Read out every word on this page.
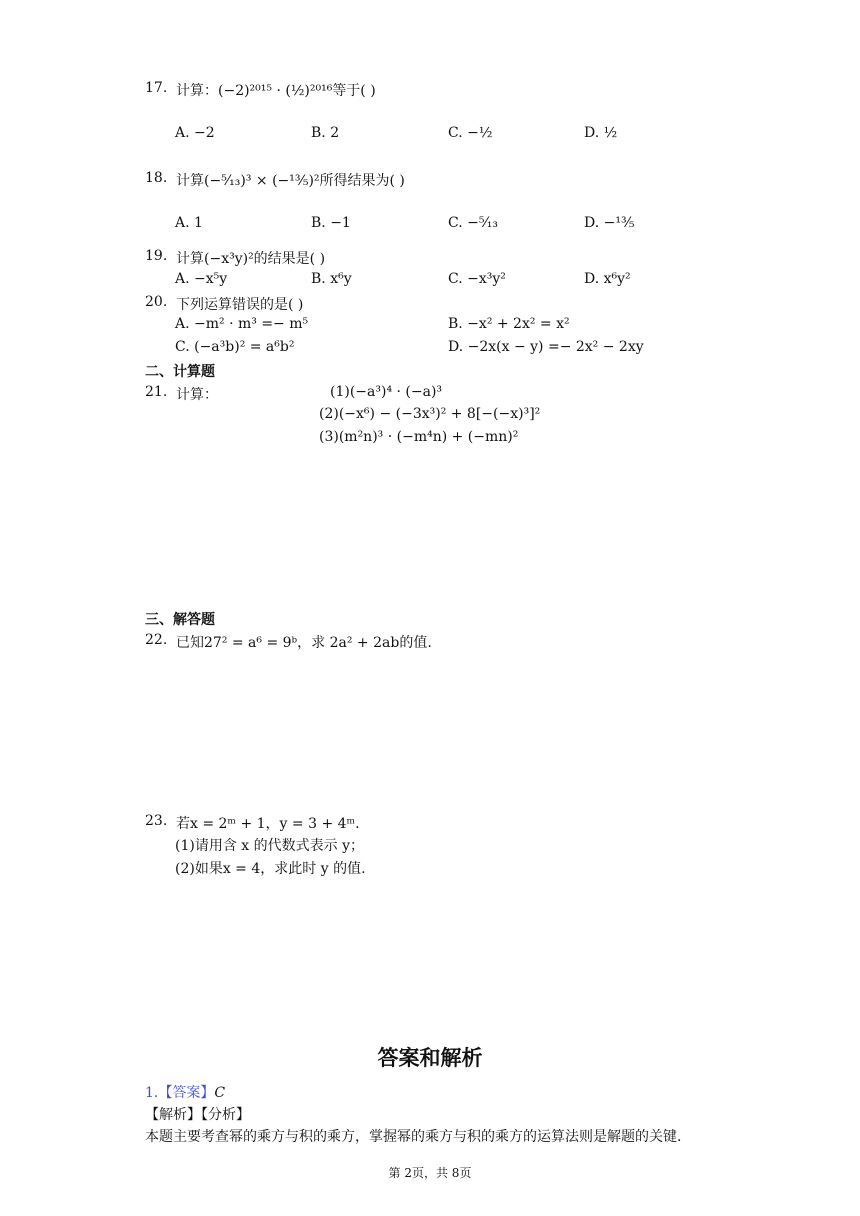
17. 计算：(−2)²⁰¹⁵ · (½)²⁰¹⁶等于( )
A. −2	B. 2	C. −½	D. ½
18. 计算(−⁵⁄₁₃)³ × (−¹³⁄₅)²所得结果为( )
A. 1	B. −1	C. −⁵⁄₁₃	D. −¹³⁄₅
19. 计算(−x³y)²的结果是( )
A. −x⁵y	B. x⁶y	C. −x³y²	D. x⁶y²
20. 下列运算错误的是( )
A. −m² · m³ =− m⁵	B. −x² + 2x² = x²
C. (−a³b)² = a⁶b²	D. −2x(x − y) =− 2x² − 2xy
二、计算题
21. 计算：	(1)(−a³)⁴ · (−a)³
(2)(−x⁶) − (−3x³)² + 8[−(−x)³]²
(3)(m²n)³ · (−m⁴n) + (−mn)²
三、解答题
22. 已知27² = a⁶ = 9ᵇ，求 2a² + 2ab的值.
23. 若x = 2ᵐ + 1，y = 3 + 4ᵐ.
(1)请用含 x 的代数式表示 y；
(2)如果x = 4，求此时 y 的值.
答案和解析
1.【答案】C
【解析】【分析】
本题主要考查幂的乘方与积的乘方，掌握幂的乘方与积的乘方的运算法则是解题的关键.
第 2页，共 8页
